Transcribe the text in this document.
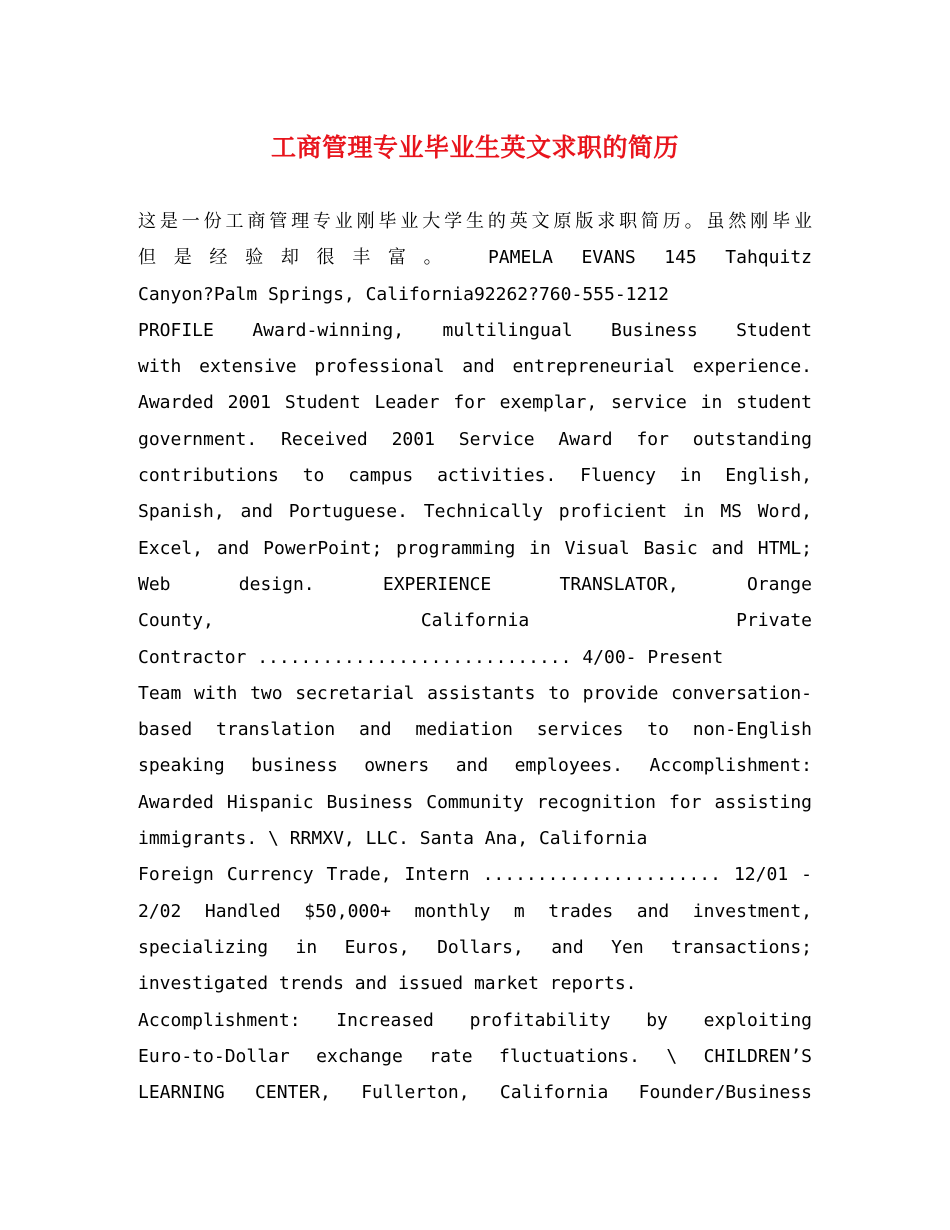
工商管理专业毕业生英文求职的简历
这是一份工商管理专业刚毕业大学生的英文原版求职简历。虽然刚毕业
但是经验却很丰富。 PAMELA EVANS 145 Tahquitz
Canyon?Palm Springs, California92262?760-555-1212
PROFILE Award-winning, multilingual Business Student
with extensive professional and entrepreneurial experience.
Awarded 2001 Student Leader for exemplar, service in student
government. Received 2001 Service Award for outstanding
contributions to campus activities. Fluency in English,
Spanish, and Portuguese. Technically proficient in MS Word,
Excel, and PowerPoint; programming in Visual Basic and HTML;
Web design. EXPERIENCE TRANSLATOR, Orange
County, California Private
Contractor ............................. 4/00- Present
Team with two secretarial assistants to provide conversation-
based translation and mediation services to non-English
speaking business owners and employees. Accomplishment:
Awarded Hispanic Business Community recognition for assisting
immigrants. \ RRMXV, LLC. Santa Ana, California
Foreign Currency Trade, Intern ...................... 12/01 -
2/02 Handled $50,000+ monthly m trades and investment,
specializing in Euros, Dollars, and Yen transactions;
investigated trends and issued market reports.
Accomplishment: Increased profitability by exploiting
Euro-to-Dollar exchange rate fluctuations. \ CHILDREN’S
LEARNING CENTER, Fullerton, California Founder/Business
